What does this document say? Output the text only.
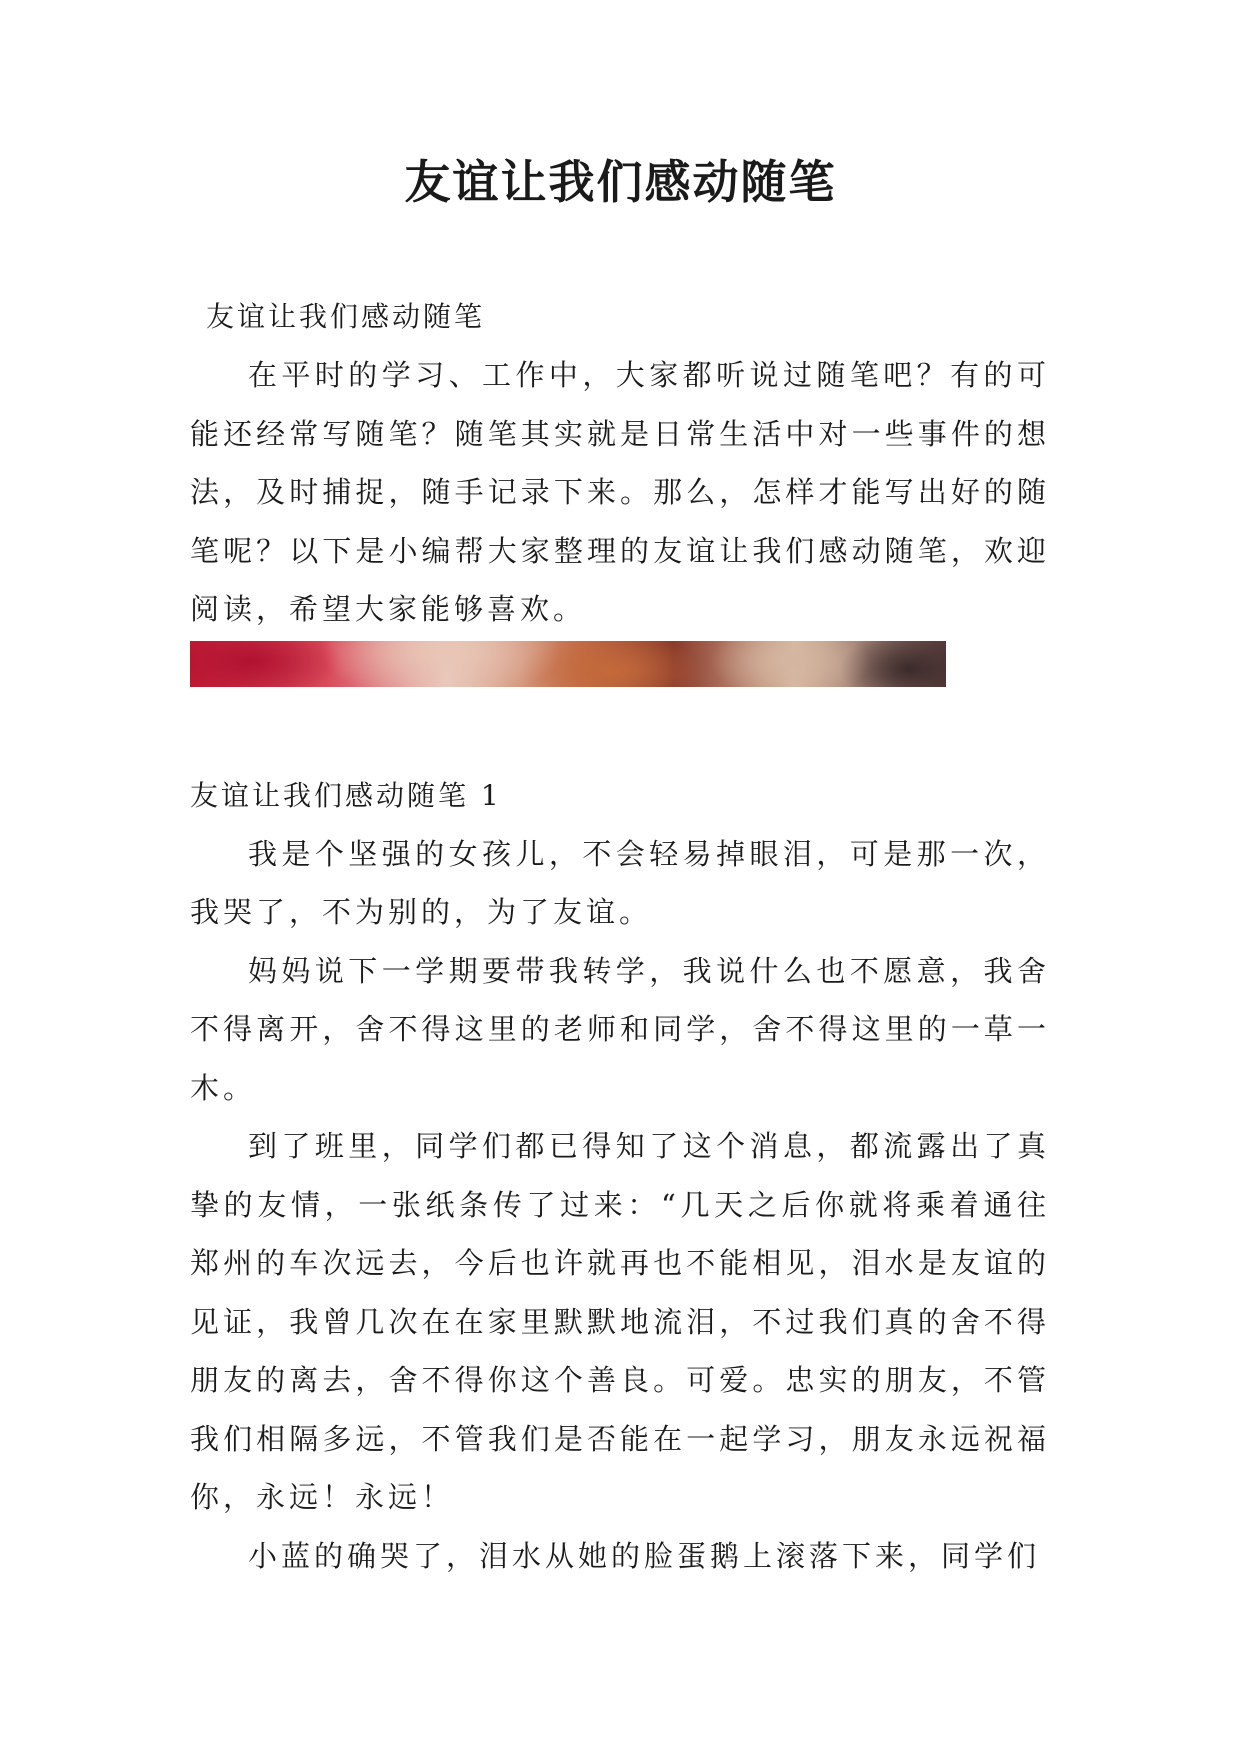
友谊让我们感动随笔

友谊让我们感动随笔

在平时的学习、工作中，大家都听说过随笔吧？有的可能还经常写随笔？随笔其实就是日常生活中对一些事件的想法，及时捕捉，随手记录下来。那么，怎样才能写出好的随笔呢？以下是小编帮大家整理的友谊让我们感动随笔，欢迎阅读，希望大家能够喜欢。

友谊让我们感动随笔 1

我是个坚强的女孩儿，不会轻易掉眼泪，可是那一次，我哭了，不为别的，为了友谊。

妈妈说下一学期要带我转学，我说什么也不愿意，我舍不得离开，舍不得这里的老师和同学，舍不得这里的一草一木。

到了班里，同学们都已得知了这个消息，都流露出了真挚的友情，一张纸条传了过来：“几天之后你就将乘着通往郑州的车次远去，今后也许就再也不能相见，泪水是友谊的见证，我曾几次在在家里默默地流泪，不过我们真的舍不得朋友的离去，舍不得你这个善良。可爱。忠实的朋友，不管我们相隔多远，不管我们是否能在一起学习，朋友永远祝福你，永远！永远！

小蓝的确哭了，泪水从她的脸蛋鹅上滚落下来，同学们
